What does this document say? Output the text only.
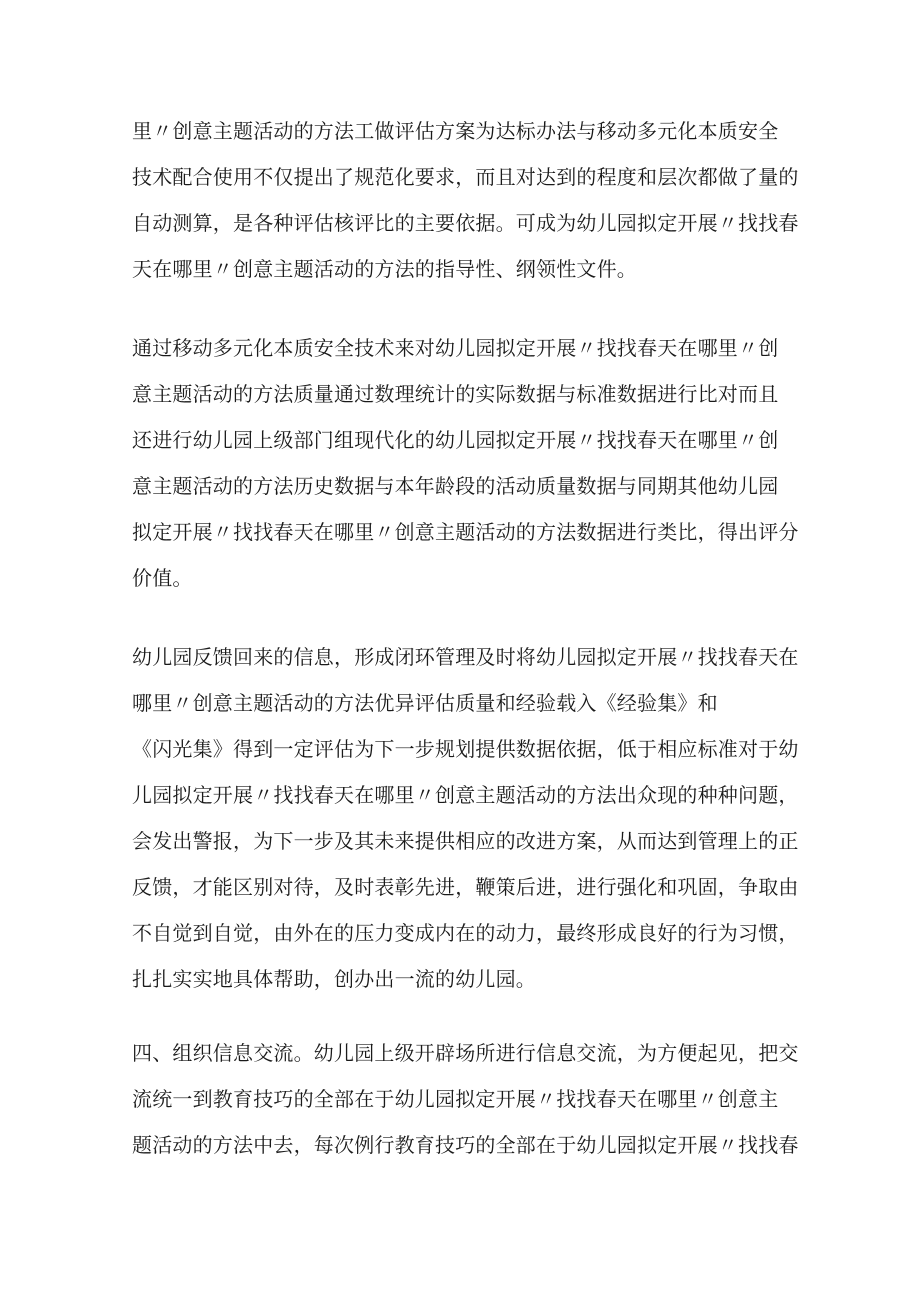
里〃创意主题活动的方法工做评估方案为达标办法与移动多元化本质安全
技术配合使用不仅提出了规范化要求，而且对达到的程度和层次都做了量的
自动测算，是各种评估核评比的主要依据。可成为幼儿园拟定开展〃找找春
天在哪里〃创意主题活动的方法的指导性、纲领性文件。
通过移动多元化本质安全技术来对幼儿园拟定开展〃找找春天在哪里〃创
意主题活动的方法质量通过数理统计的实际数据与标准数据进行比对而且
还进行幼儿园上级部门组现代化的幼儿园拟定开展〃找找春天在哪里〃创
意主题活动的方法历史数据与本年龄段的活动质量数据与同期其他幼儿园
拟定开展〃找找春天在哪里〃创意主题活动的方法数据进行类比，得出评分
价值。
幼儿园反馈回来的信息，形成闭环管理及时将幼儿园拟定开展〃找找春天在
哪里〃创意主题活动的方法优异评估质量和经验载入《经验集》和
《闪光集》得到一定评估为下一步规划提供数据依据，低于相应标准对于幼
儿园拟定开展〃找找春天在哪里〃创意主题活动的方法出众现的种种问题，
会发出警报，为下一步及其未来提供相应的改进方案，从而达到管理上的正
反馈，才能区别对待，及时表彰先进，鞭策后进，进行强化和巩固，争取由
不自觉到自觉，由外在的压力变成内在的动力，最终形成良好的行为习惯，
扎扎实实地具体帮助，创办出一流的幼儿园。
四、组织信息交流。幼儿园上级开辟场所进行信息交流，为方便起见，把交
流统一到教育技巧的全部在于幼儿园拟定开展〃找找春天在哪里〃创意主
题活动的方法中去，每次例行教育技巧的全部在于幼儿园拟定开展〃找找春
